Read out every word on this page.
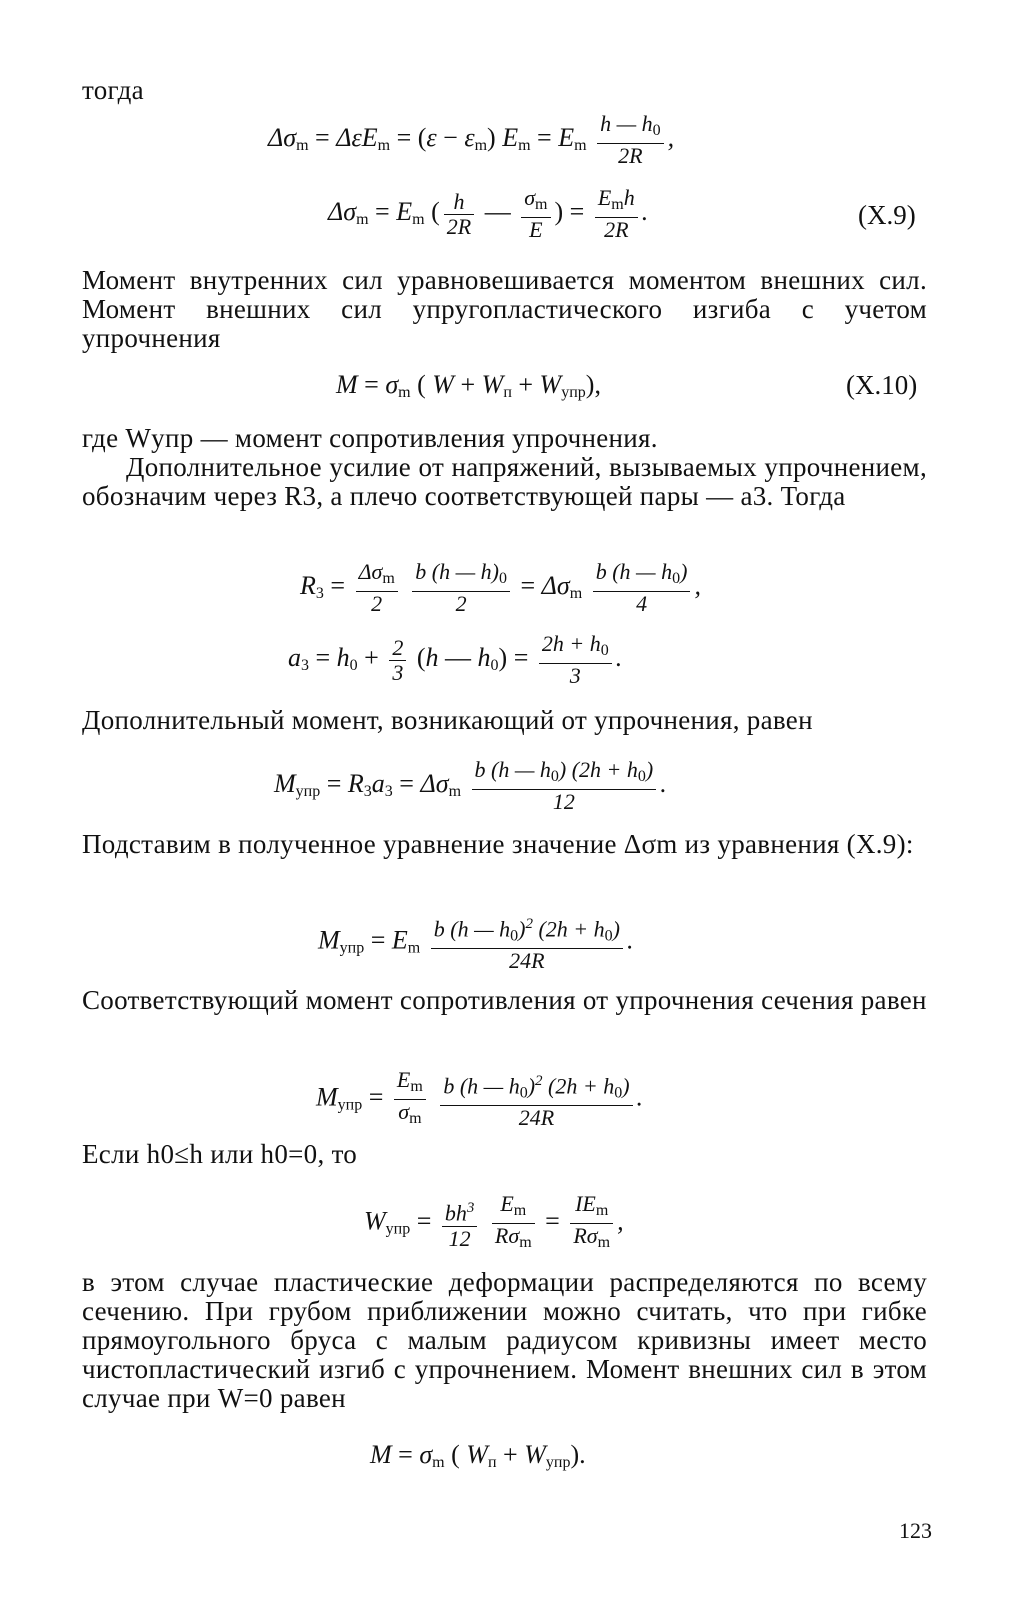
тогда
$\Delta\sigma_m = \Delta\varepsilon E_m = (\varepsilon - \varepsilon_m) E_m = E_m \frac{h — h_0}{2R}$ ,
$\Delta\sigma_m = E_m$ ( $\frac{h}{2R}$ — $\frac{\sigma_m}{E}$ ) = $\frac{E_mh}{2R}$ .	(X.9)
Момент внутренних сил уравновешивается моментом внешних сил. Момент внешних сил упругопластического изгиба с учетом упрочнения
$M = \sigma_m$ ( $W + W_п + W_{упр}$),	(X.10)
где Wупр — момент сопротивления упрочнения.
Дополнительное усилие от напряжений, вызываемых упрочнением, обозначим через R3, а плечо соответствующей пары — a3. Тогда
$R_3 = \frac{\Delta\sigma_m}{2}$
$\frac{b (h — h)_0}{2} = \Delta\sigma_m \frac{b (h — h_0)}{4}$ ,
$a_3 = h_0 + \frac{2}{3} (h$ — $h_0) = \frac{2h + h_0}{3}$ .
Дополнительный момент, возникающий от упрочнения, равен
$M_{упр} = R_3a_3 = \Delta\sigma_m \frac{b (h — h_0) (2h + h_0)}{12}$ .
Подставим в полученное уравнение значение Δσm из уравнения (X.9):
$M_{упр} = E_m \frac{b (h — h_0)^2 (2h + h_0)}{24R}$ .
Соответствующий момент сопротивления от упрочнения сечения равен
$M_{упр} = \frac{E_m}{\sigma_m}$
$\frac{b (h — h_0)^2 (2h + h_0)}{24R}$ .
Если h0≤h или h0=0, то
$W_{упр} = \frac{bh^3}{12}$
$\frac{E_m}{R\sigma_m} = \frac{IE_m}{R\sigma_m}$ ,
в этом случае пластические деформации распределяются по всему сечению. При грубом приближении можно считать, что при гибке прямоугольного бруса с малым радиусом кривизны имеет место чистопластический изгиб с упрочнением. Момент внешних сил в этом случае при W=0 равен
$M = \sigma_m$ ( $W_п + W_{упр}$).
123
